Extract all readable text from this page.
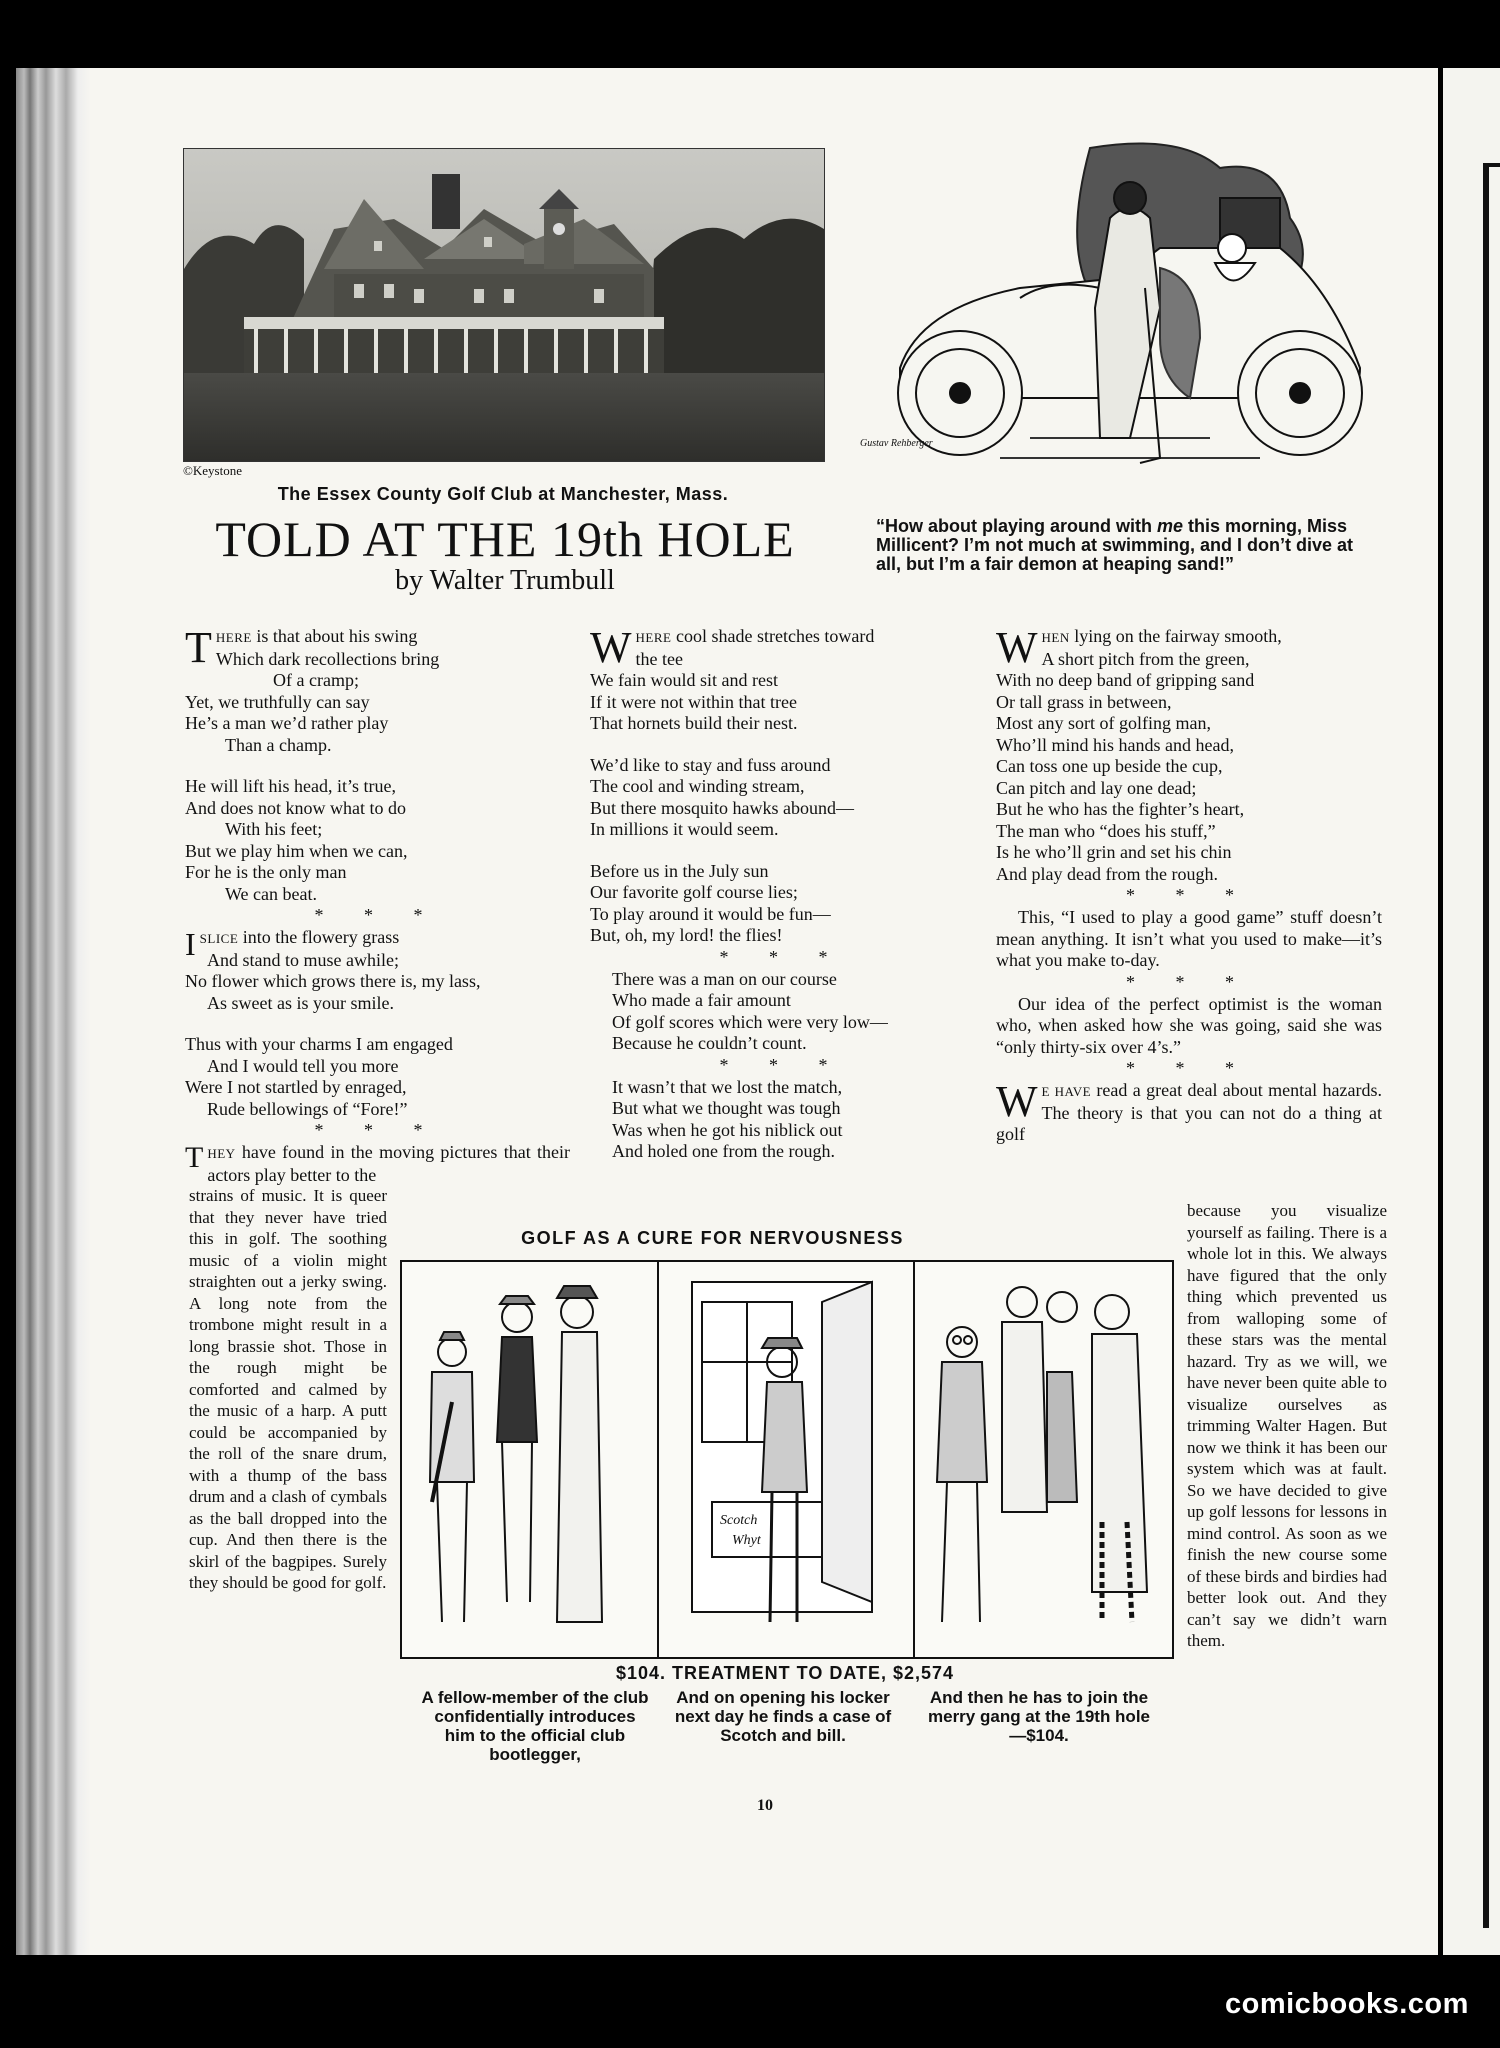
©Keystone
The Essex County Golf Club at Manchester, Mass.
TOLD AT THE 19th HOLE
by Walter Trumbull
Gustav Rehberger
“How about playing around with me this morning, Miss Millicent? I’m not much at swimming, and I don’t dive at all, but I’m a fair demon at heaping sand!”

THERE is that about his swing

Which dark recollections bring

Of a cramp;

Yet, we truthfully can say

He’s a man we’d rather play

Than a champ.

He will lift his head, it’s true,

And does not know what to do

With his feet;

But we play him when we can,

For he is the only man

We can beat.

* * *

ISLICE into the flowery grass

And stand to muse awhile;

No flower which grows there is, my lass,

As sweet as is your smile.

Thus with your charms I am engaged

And I would tell you more

Were I not startled by enraged,

Rude bellowings of “Fore!”

* * *

THEY have found in the moving pictures that their actors play better to the

strains of music. It is queer that they never have tried this in golf. The soothing music of a violin might straighten out a jerky swing. A long note from the trombone might result in a long brassie shot. Those in the rough might be comforted and calmed by the music of a harp. A putt could be accompanied by the roll of the snare drum, with a thump of the bass drum and a clash of cymbals as the ball dropped into the cup. And then there is the skirl of the bagpipes. Surely they should be good for golf.

WHERE cool shade stretches toward

the tee

We fain would sit and rest

If it were not within that tree

That hornets build their nest.

We’d like to stay and fuss around

The cool and winding stream,

But there mosquito hawks abound—

In millions it would seem.

Before us in the July sun

Our favorite golf course lies;

To play around it would be fun—

But, oh, my lord! the flies!

* * *

There was a man on our course

Who made a fair amount

Of golf scores which were very low—

Because he couldn’t count.

* * *

It wasn’t that we lost the match,

But what we thought was tough

Was when he got his niblick out

And holed one from the rough.

WHEN lying on the fairway smooth,

A short pitch from the green,

With no deep band of gripping sand

Or tall grass in between,

Most any sort of golfing man,

Who’ll mind his hands and head,

Can toss one up beside the cup,

Can pitch and lay one dead;

But he who has the fighter’s heart,

The man who “does his stuff,”

Is he who’ll grin and set his chin

And play dead from the rough.

* * *

This, “I used to play a good game” stuff doesn’t mean anything. It isn’t what you used to make—it’s what you make to-day.

* * *

Our idea of the perfect optimist is the woman who, when asked how she was going, said she was “only thirty-six over 4’s.”

* * *

WE HAVE read a great deal about mental hazards. The theory is that you can not do a thing at golf

because you visualize yourself as failing. There is a whole lot in this. We always have figured that the only thing which prevented us from walloping some of these stars was the mental hazard. Try as we will, we have never been quite able to visualize ourselves as trimming Walter Hagen. But now we think it has been our system which was at fault. So we have decided to give up golf lessons for lessons in mind control. As soon as we finish the new course some of these birds and birdies had better look out. And they can’t say we didn’t warn them.
GOLF AS A CURE FOR NERVOUSNESS
Scotch
Whyt
$104. TREATMENT TO DATE, $2,574
A fellow-member of the club confidentially introduces him to the official club bootlegger,
And on opening his locker next day he finds a case of Scotch and bill.
And then he has to join the merry gang at the 19th hole—$104.
10
comicbooks.com
